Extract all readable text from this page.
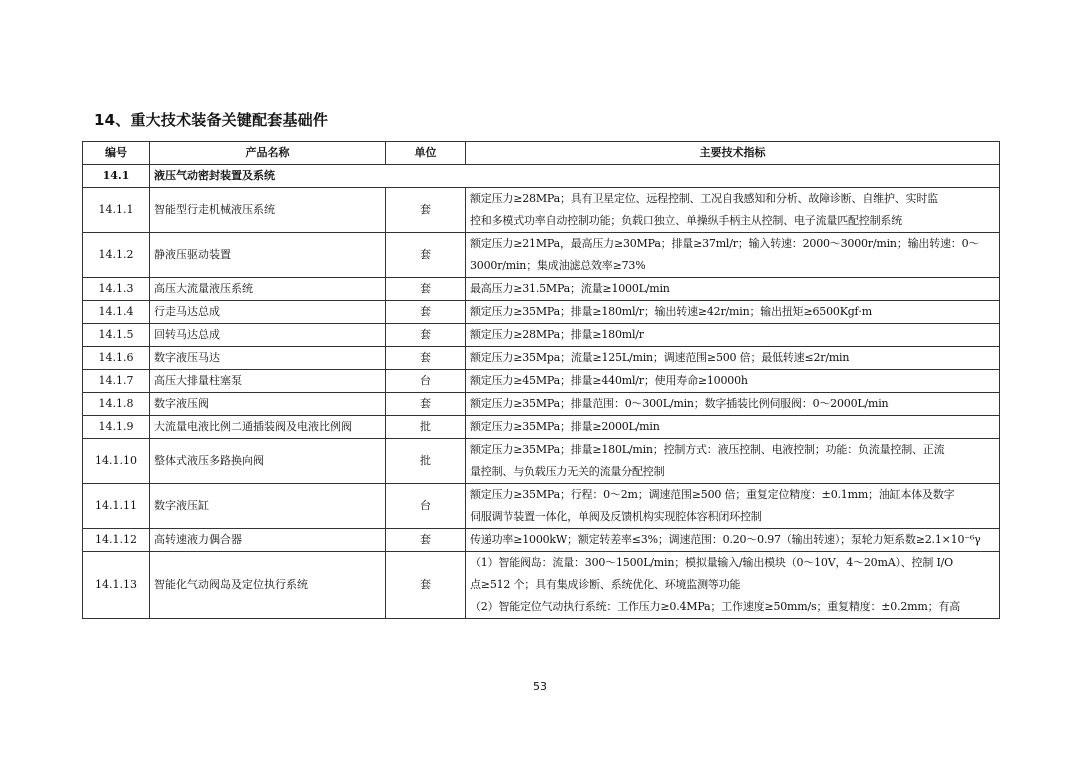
14、重大技术装备关键配套基础件
编号	产品名称	单位	主要技术指标
14.1	液压气动密封装置及系统		
14.1.1	智能型行走机械液压系统	套	额定压力≥28MPa；具有卫星定位、远程控制、工况自我感知和分析、故障诊断、自维护、实时监
控和多模式功率自动控制功能；负载口独立、单操纵手柄主从控制、电子流量匹配控制系统

14.1.2	静液压驱动装置	套	额定压力≥21MPa，最高压力≥30MPa；排量≥37ml/r；输入转速：2000～3000r/min；输出转速：0～
3000r/min；集成油滤总效率≥73%

14.1.3	高压大流量液压系统	套	最高压力≥31.5MPa；流量≥1000L/min

14.1.4	行走马达总成	套	额定压力≥35MPa；排量≥180ml/r；输出转速≥42r/min；输出扭矩≥6500Kgf·m

14.1.5	回转马达总成	套	额定压力≥28MPa；排量≥180ml/r

14.1.6	数字液压马达	套	额定压力≥35Mpa；流量≥125L/min；调速范围≥500 倍；最低转速≤2r/min

14.1.7	高压大排量柱塞泵	台	额定压力≥45MPa；排量≥440ml/r；使用寿命≥10000h

14.1.8	数字液压阀	套	额定压力≥35MPa；排量范围：0～300L/min；数字插装比例伺服阀：0～2000L/min

14.1.9	大流量电液比例二通插装阀及电液比例阀	批	额定压力≥35MPa；排量≥2000L/min

14.1.10	整体式液压多路换向阀	批	额定压力≥35MPa；排量≥180L/min；控制方式：液压控制、电液控制；功能：负流量控制、正流
量控制、与负载压力无关的流量分配控制

14.1.11	数字液压缸	台	额定压力≥35MPa；行程：0～2m；调速范围≥500 倍；重复定位精度：±0.1mm；油缸本体及数字
伺服调节装置一体化，单阀及反馈机构实现腔体容积闭环控制

14.1.12	高转速液力偶合器	套	传递功率≥1000kW；额定转差率≤3%；调速范围：0.20～0.97（输出转速）；泵轮力矩系数≥2.1×10⁻⁶γ

14.1.13	智能化气动阀岛及定位执行系统	套	（1）智能阀岛：流量：300～1500L/min；模拟量输入/输出模块（0～10V，4～20mA）、控制 I/O
点≥512 个；具有集成诊断、系统优化、环境监测等功能
（2）智能定位气动执行系统：工作压力≥0.4MPa；工作速度≥50mm/s；重复精度：±0.2mm；有高
53
